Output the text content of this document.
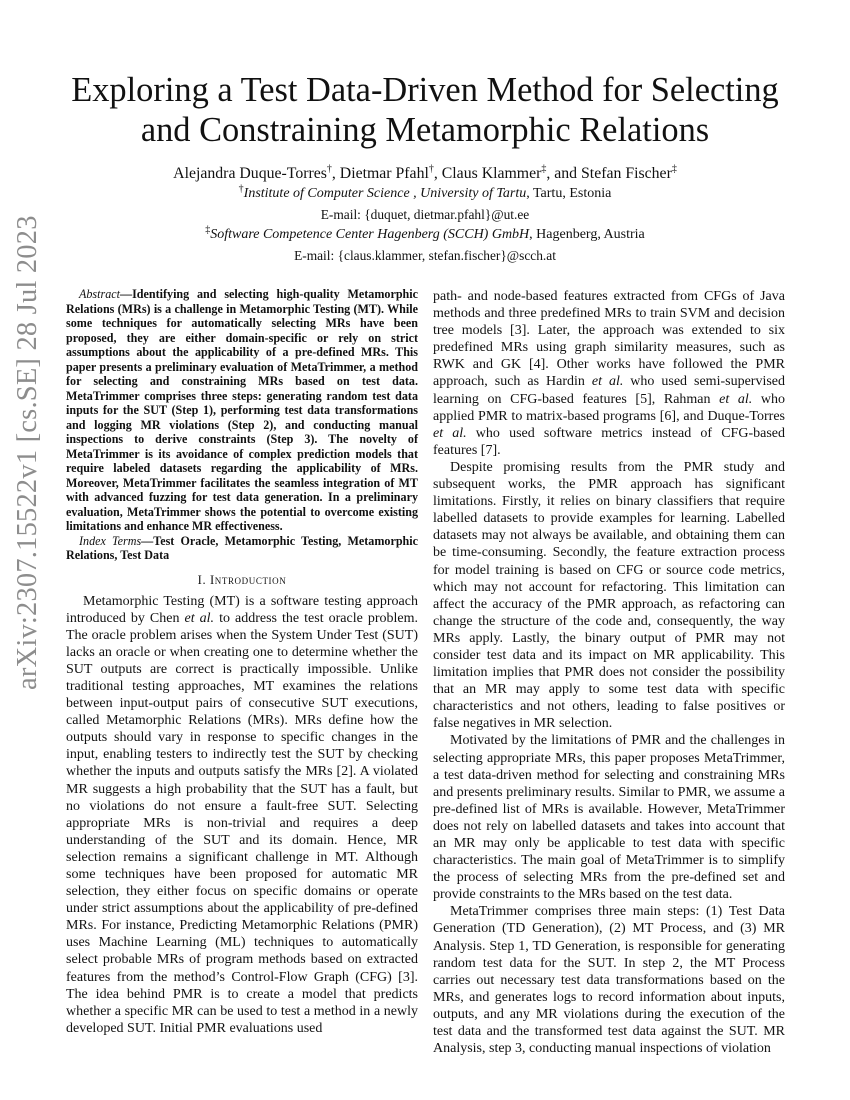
arXiv:2307.15522v1 [cs.SE] 28 Jul 2023
Exploring a Test Data-Driven Method for Selecting
and Constraining Metamorphic Relations
Alejandra Duque-Torres†, Dietmar Pfahl†, Claus Klammer‡, and Stefan Fischer‡
†Institute of Computer Science , University of Tartu, Tartu, Estonia
E-mail: {duquet, dietmar.pfahl}@ut.ee
‡Software Competence Center Hagenberg (SCCH) GmbH, Hagenberg, Austria
E-mail: {claus.klammer, stefan.fischer}@scch.at

Abstract—Identifying and selecting high-quality Metamorphic Relations (MRs) is a challenge in Metamorphic Testing (MT). While some techniques for automatically selecting MRs have been proposed, they are either domain-specific or rely on strict assumptions about the applicability of a pre-defined MRs. This paper presents a preliminary evaluation of MetaTrimmer, a method for selecting and constraining MRs based on test data. MetaTrimmer comprises three steps: generating random test data inputs for the SUT (Step 1), performing test data transformations and logging MR violations (Step 2), and conducting manual inspections to derive constraints (Step 3). The novelty of MetaTrimmer is its avoidance of complex prediction models that require labeled datasets regarding the applicability of MRs. Moreover, MetaTrimmer facilitates the seamless integration of MT with advanced fuzzing for test data generation. In a preliminary evaluation, MetaTrimmer shows the potential to overcome existing limitations and enhance MR effectiveness.

Index Terms—Test Oracle, Metamorphic Testing, Metamorphic Relations, Test Data

I. Introduction

Metamorphic Testing (MT) is a software testing approach introduced by Chen et al. to address the test oracle problem. The oracle problem arises when the System Under Test (SUT) lacks an oracle or when creating one to determine whether the SUT outputs are correct is practically impossible. Unlike traditional testing approaches, MT examines the relations between input-output pairs of consecutive SUT executions, called Metamorphic Relations (MRs). MRs define how the outputs should vary in response to specific changes in the input, enabling testers to indirectly test the SUT by checking whether the inputs and outputs satisfy the MRs [2]. A violated MR suggests a high probability that the SUT has a fault, but no violations do not ensure a fault-free SUT. Selecting appropriate MRs is non-trivial and requires a deep understanding of the SUT and its domain. Hence, MR selection remains a significant challenge in MT. Although some techniques have been proposed for automatic MR selection, they either focus on specific domains or operate under strict assumptions about the applicability of pre-defined MRs. For instance, Predicting Metamorphic Relations (PMR) uses Machine Learning (ML) techniques to automatically select probable MRs of program methods based on extracted features from the method’s Control-Flow Graph (CFG) [3]. The idea behind PMR is to create a model that predicts whether a specific MR can be used to test a method in a newly developed SUT. Initial PMR evaluations used

path- and node-based features extracted from CFGs of Java methods and three predefined MRs to train SVM and decision tree models [3]. Later, the approach was extended to six predefined MRs using graph similarity measures, such as RWK and GK [4]. Other works have followed the PMR approach, such as Hardin et al. who used semi-supervised learning on CFG-based features [5], Rahman et al. who applied PMR to matrix-based programs [6], and Duque-Torres et al. who used software metrics instead of CFG-based features [7].

Despite promising results from the PMR study and subsequent works, the PMR approach has significant limitations. Firstly, it relies on binary classifiers that require labelled datasets to provide examples for learning. Labelled datasets may not always be available, and obtaining them can be time-consuming. Secondly, the feature extraction process for model training is based on CFG or source code metrics, which may not account for refactoring. This limitation can affect the accuracy of the PMR approach, as refactoring can change the structure of the code and, consequently, the way MRs apply. Lastly, the binary output of PMR may not consider test data and its impact on MR applicability. This limitation implies that PMR does not consider the possibility that an MR may apply to some test data with specific characteristics and not others, leading to false positives or false negatives in MR selection.

Motivated by the limitations of PMR and the challenges in selecting appropriate MRs, this paper proposes MetaTrimmer, a test data-driven method for selecting and constraining MRs and presents preliminary results. Similar to PMR, we assume a pre-defined list of MRs is available. However, MetaTrimmer does not rely on labelled datasets and takes into account that an MR may only be applicable to test data with specific characteristics. The main goal of MetaTrimmer is to simplify the process of selecting MRs from the pre-defined set and provide constraints to the MRs based on the test data.

MetaTrimmer comprises three main steps: (1) Test Data Generation (TD Generation), (2) MT Process, and (3) MR Analysis. Step 1, TD Generation, is responsible for generating random test data for the SUT. In step 2, the MT Process carries out necessary test data transformations based on the MRs, and generates logs to record information about inputs, outputs, and any MR violations during the execution of the test data and the transformed test data against the SUT. MR Analysis, step 3, conducting manual inspections of violation
